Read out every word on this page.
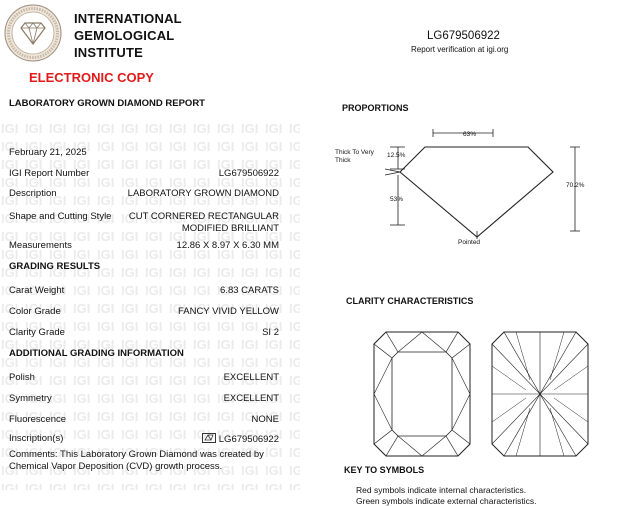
INTERNATIONAL
GEMOLOGICAL
INSTITUTE
ELECTRONIC COPY
LABORATORY GROWN DIAMOND REPORT
LG679506922
Report verification at igi.org
February 21, 2025
IGI Report Number	LG679506922
Description	LABORATORY GROWN DIAMOND
Shape and Cutting Style CUT CORNERED RECTANGULAR
MODIFIED BRILLIANT
Measurements	12.86 X 8.97 X 6.30 MM
GRADING RESULTS
Carat Weight	6.83 CARATS
Color Grade	FANCY VIVID YELLOW
Clarity Grade	SI 2
ADDITIONAL GRADING INFORMATION
Polish	EXCELLENT
Symmetry	EXCELLENT
Fluorescence	NONE
Inscription(s)	LG679506922
Comments: This Laboratory Grown Diamond was created by Chemical Vapor Deposition (CVD) growth process.
PROPORTIONS
63%
Thick To Very Thick
12.5%
53%
70.2%
Pointed
CLARITY CHARACTERISTICS
KEY TO SYMBOLS
Red symbols indicate internal characteristics.
Green symbols indicate external characteristics.
